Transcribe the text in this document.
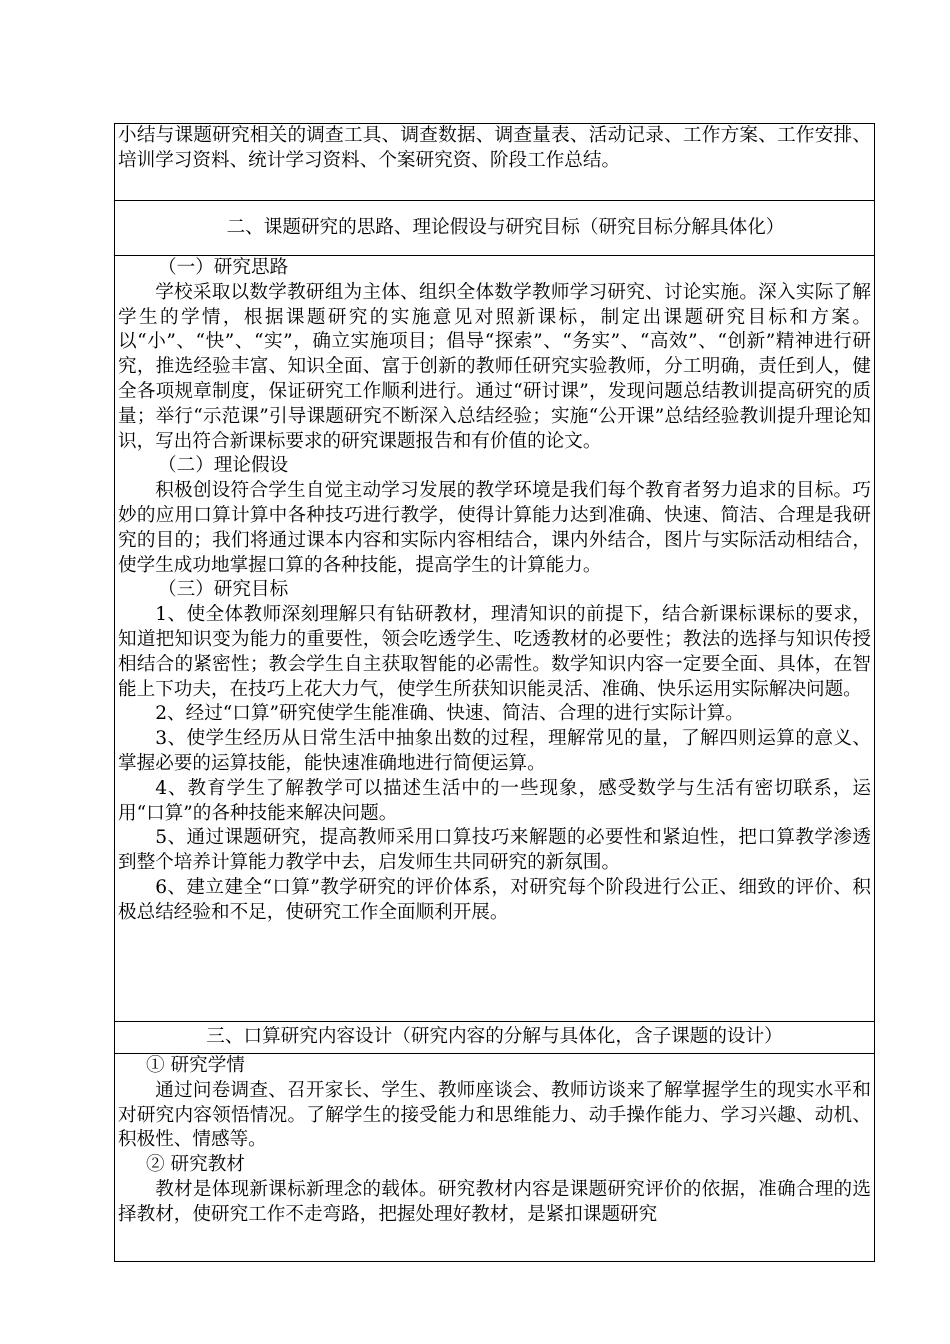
小结与课题研究相关的调查工具、调查数据、调查量表、活动记录、工作方案、工作安排、培训学习资料、统计学习资料、个案研究资、阶段工作总结。

二、课题研究的思路、理论假设与研究目标（研究目标分解具体化）

（一）研究思路

学校采取以数学教研组为主体、组织全体数学教师学习研究、讨论实施。深入实际了解学生的学情，根据课题研究的实施意见对照新课标，制定出课题研究目标和方案。以“小”、“快”、“实”，确立实施项目；倡导“探索”、“务实”、“高效”、“创新”精神进行研究，推选经验丰富、知识全面、富于创新的教师任研究实验教师，分工明确，责任到人，健全各项规章制度，保证研究工作顺利进行。通过“研讨课”，发现问题总结教训提高研究的质量；举行“示范课”引导课题研究不断深入总结经验；实施“公开课”总结经验教训提升理论知识，写出符合新课标要求的研究课题报告和有价值的论文。

（二）理论假设

积极创设符合学生自觉主动学习发展的教学环境是我们每个教育者努力追求的目标。巧妙的应用口算计算中各种技巧进行教学，使得计算能力达到准确、快速、简洁、合理是我研究的目的；我们将通过课本内容和实际内容相结合，课内外结合，图片与实际活动相结合，使学生成功地掌握口算的各种技能，提高学生的计算能力。

（三）研究目标

1、使全体教师深刻理解只有钻研教材，理清知识的前提下，结合新课标课标的要求，知道把知识变为能力的重要性，领会吃透学生、吃透教材的必要性；教法的选择与知识传授相结合的紧密性；教会学生自主获取智能的必需性。数学知识内容一定要全面、具体，在智能上下功夫，在技巧上花大力气，使学生所获知识能灵活、准确、快乐运用实际解决问题。

2、经过“口算”研究使学生能准确、快速、简洁、合理的进行实际计算。

3、使学生经历从日常生活中抽象出数的过程，理解常见的量，了解四则运算的意义、掌握必要的运算技能，能快速准确地进行简便运算。

4、教育学生了解教学可以描述生活中的一些现象，感受数学与生活有密切联系，运用“口算”的各种技能来解决问题。

5、通过课题研究，提高教师采用口算技巧来解题的必要性和紧迫性，把口算教学渗透到整个培养计算能力教学中去，启发师生共同研究的新氛围。

6、建立建全“口算”教学研究的评价体系，对研究每个阶段进行公正、细致的评价、积极总结经验和不足，使研究工作全面顺利开展。

三、口算研究内容设计（研究内容的分解与具体化，含子课题的设计）

① 研究学情

通过问卷调查、召开家长、学生、教师座谈会、教师访谈来了解掌握学生的现实水平和对研究内容领悟情况。了解学生的接受能力和思维能力、动手操作能力、学习兴趣、动机、积极性、情感等。

② 研究教材

教材是体现新课标新理念的载体。研究教材内容是课题研究评价的依据，准确合理的选择教材，使研究工作不走弯路，把握处理好教材，是紧扣课题研究
